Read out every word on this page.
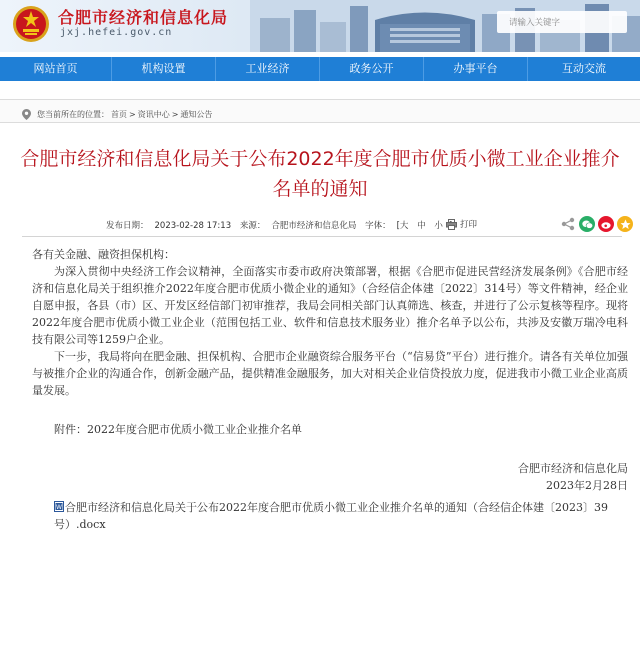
合肥市经济和信息化局
jxj.hefei.gov.cn
请输入关键字
网站首页	机构设置	工业经济	政务公开	办事平台	互动交流
您当前所在的位置： 首页 > 资讯中心 > 通知公告
合肥市经济和信息化局关于公布2022年度合肥市优质小微工业企业推介名单的通知
发布日期： 2023-02-28 17:13 来源： 合肥市经济和信息化局 字体： [大 中 小	打印

各有关金融、融资担保机构：

为深入贯彻中央经济工作会议精神，全面落实市委市政府决策部署，根据《合肥市促进民营经济发展条例》《合肥市经济和信息化局关于组织推介2022年度合肥市优质小微企业的通知》（合经信企体建〔2022〕314号）等文件精神，经企业自愿申报，各县（市）区、开发区经信部门初审推荐，我局会同相关部门认真筛选、核查，并进行了公示复核等程序。现将2022年度合肥市优质小微工业企业（范围包括工业、软件和信息技术服务业）推介名单予以公布，共涉及安徽万瑞冷电科技有限公司等1259户企业。

下一步，我局将向在肥金融、担保机构、合肥市企业融资综合服务平台（“信易贷”平台）进行推介。请各有关单位加强与被推介企业的沟通合作，创新金融产品，提供精准金融服务，加大对相关企业信贷投放力度，促进我市小微工业企业高质量发展。

附件：2022年度合肥市优质小微工业企业推介名单

合肥市经济和信息化局

2023年2月28日

W 合肥市经济和信息化局关于公布2022年度合肥市优质小微工业企业推介名单的通知（合经信企体建〔2023〕39号）.docx
